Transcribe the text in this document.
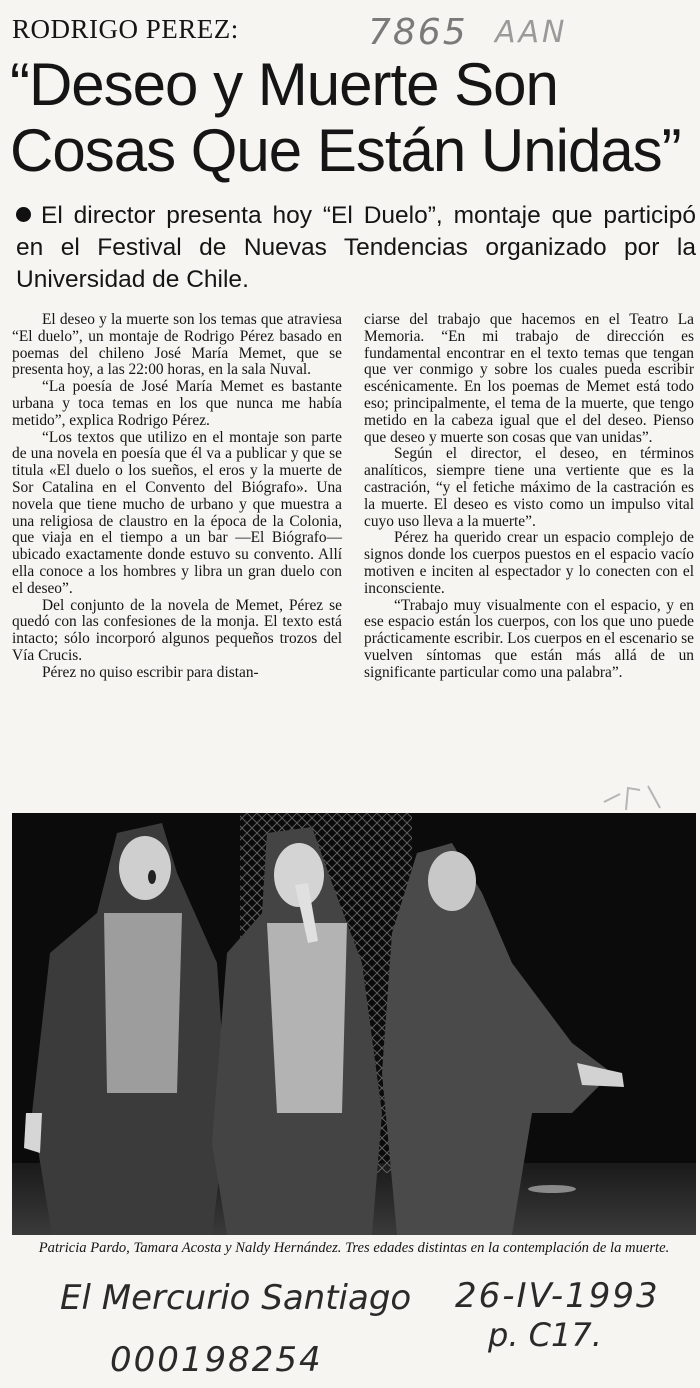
RODRIGO PEREZ:	7865 AAN
“Deseo y Muerte Son Cosas Que Están Unidas”

El director presenta hoy “El Duelo”, montaje que participó en el Festival de Nuevas Tendencias organizado por la Universidad de Chile.

El deseo y la muerte son los temas que atraviesa “El duelo”, un montaje de Rodrigo Pérez basado en poemas del chileno José María Memet, que se presenta hoy, a las 22:00 horas, en la sala Nuval.

“La poesía de José María Memet es bastante urbana y toca temas en los que nunca me había metido”, explica Rodrigo Pérez.

“Los textos que utilizo en el montaje son parte de una novela en poesía que él va a publicar y que se titula «El duelo o los sueños, el eros y la muerte de Sor Catalina en el Convento del Biógrafo». Una novela que tiene mucho de urbano y que muestra a una religiosa de claustro en la época de la Colonia, que viaja en el tiempo a un bar —El Biógrafo— ubicado exactamente donde estuvo su convento. Allí ella conoce a los hombres y libra un gran duelo con el deseo”.

Del conjunto de la novela de Memet, Pérez se quedó con las confesiones de la monja. El texto está intacto; sólo incorporó algunos pequeños trozos del Vía Crucis.

Pérez no quiso escribir para distan-

ciarse del trabajo que hacemos en el Teatro La Memoria. “En mi trabajo de dirección es fundamental encontrar en el texto temas que tengan que ver conmigo y sobre los cuales pueda escribir escénicamente. En los poemas de Memet está todo eso; principalmente, el tema de la muerte, que tengo metido en la cabeza igual que el del deseo. Pienso que deseo y muerte son cosas que van unidas”.

Según el director, el deseo, en términos analíticos, siempre tiene una vertiente que es la castración, “y el fetiche máximo de la castración es la muerte. El deseo es visto como un impulso vital cuyo uso lleva a la muerte”.

Pérez ha querido crear un espacio complejo de signos donde los cuerpos puestos en el espacio vacío motiven e inciten al espectador y lo conecten con el inconsciente.

“Trabajo muy visualmente con el espacio, y en ese espacio están los cuerpos, con los que uno puede prácticamente escribir. Los cuerpos en el escenario se vuelven síntomas que están más allá de un significante particular como una palabra”.

Patricia Pardo, Tamara Acosta y Naldy Hernández. Tres edades distintas en la contemplación de la muerte.

El Mercurio Santiago 26-IV-1993
p. C17.
000198254
